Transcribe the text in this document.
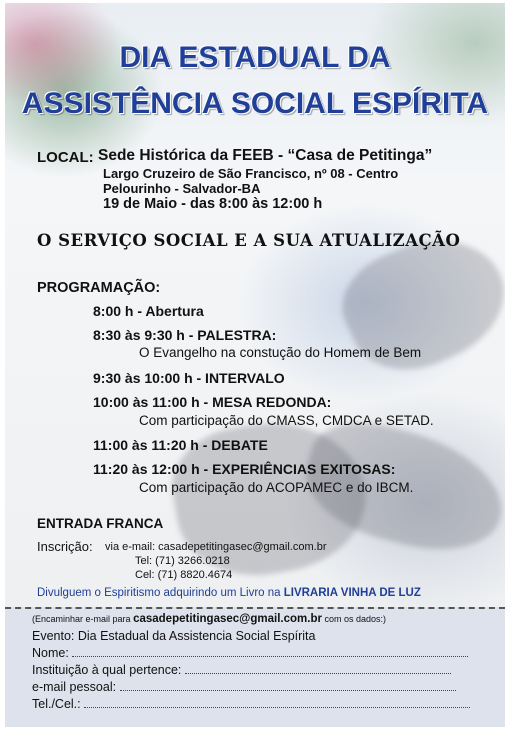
DIA ESTADUAL DA
ASSISTÊNCIA SOCIAL ESPÍRITA
LOCAL: Sede Histórica da FEEB - “Casa de Petitinga”
Largo Cruzeiro de São Francisco, nº 08 - Centro
Pelourinho - Salvador-BA
19 de Maio - das 8:00 às 12:00 h
O SERVIÇO SOCIAL E A SUA ATUALIZAÇÃO
PROGRAMAÇÃO:
8:00 h - Abertura
8:30 às 9:30 h - PALESTRA:
O Evangelho na constução do Homem de Bem
9:30 às 10:00 h - INTERVALO
10:00 às 11:00 h - MESA REDONDA:
Com participação do CMASS, CMDCA e SETAD.
11:00 às 11:20 h - DEBATE
11:20 às 12:00 h - EXPERIÊNCIAS EXITOSAS:
Com participação do ACOPAMEC e do IBCM.
ENTRADA FRANCA
Inscrição: via e-mail: casadepetitingasec@gmail.com.br
Tel: (71) 3266.0218
Cel: (71) 8820.4674
Divulguem o Espiritismo adquirindo um Livro na LIVRARIA VINHA DE LUZ
(Encaminhar e-mail para casadepetitingasec@gmail.com.br com os dados:)
Evento: Dia Estadual da Assistencia Social Espírita
Nome:
Instituição à qual pertence:
e-mail pessoal:
Tel./Cel.:
